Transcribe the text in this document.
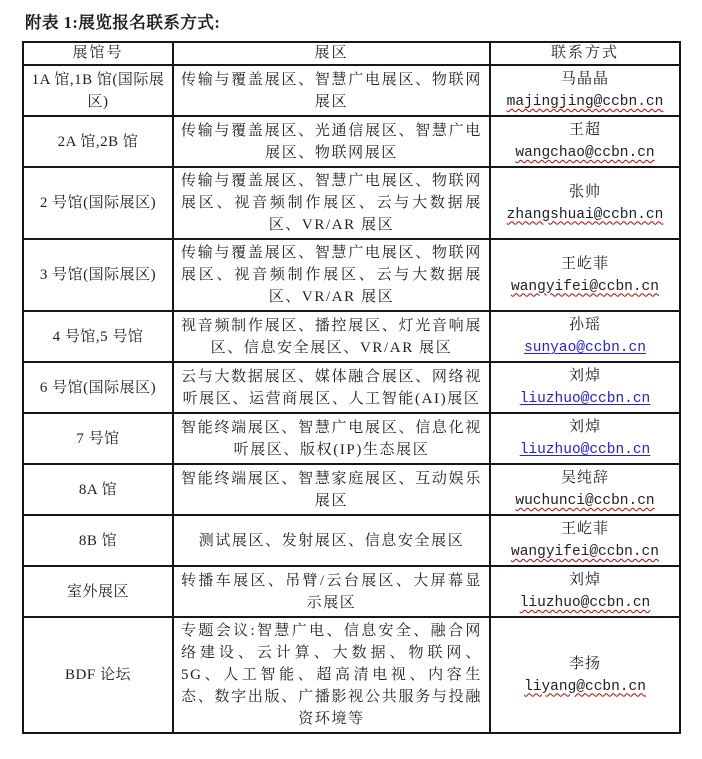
附表 1:展览报名联系方式:
展馆号	展区	联系方式
1A 馆,1B 馆(国际展区)	传输与覆盖展区、智慧广电展区、物联网展区	马晶晶
majingjing@ccbn.cn

2A 馆,2B 馆	传输与覆盖展区、光通信展区、智慧广电展区、物联网展区	王超
wangchao@ccbn.cn

2 号馆(国际展区)	传输与覆盖展区、智慧广电展区、物联网展区、视音频制作展区、云与大数据展区、VR/AR 展区	张帅
zhangshuai@ccbn.cn

3 号馆(国际展区)	传输与覆盖展区、智慧广电展区、物联网展区、视音频制作展区、云与大数据展区、VR/AR 展区	王屹菲
wangyifei@ccbn.cn

4 号馆,5 号馆	视音频制作展区、播控展区、灯光音响展区、信息安全展区、VR/AR 展区	孙瑶
sunyao@ccbn.cn

6 号馆(国际展区)	云与大数据展区、媒体融合展区、网络视听展区、运营商展区、人工智能(AI)展区	刘焯
liuzhuo@ccbn.cn

7 号馆	智能终端展区、智慧广电展区、信息化视听展区、版权(IP)生态展区	刘焯
liuzhuo@ccbn.cn

8A 馆	智能终端展区、智慧家庭展区、互动娱乐展区	吴纯辞
wuchunci@ccbn.cn

8B 馆	测试展区、发射展区、信息安全展区	王屹菲
wangyifei@ccbn.cn

室外展区	转播车展区、吊臂/云台展区、大屏幕显示展区	刘焯
liuzhuo@ccbn.cn

BDF 论坛	专题会议:智慧广电、信息安全、融合网络建设、云计算、大数据、物联网、5G、人工智能、超高清电视、内容生态、数字出版、广播影视公共服务与投融资环境等	李扬
liyang@ccbn.cn
